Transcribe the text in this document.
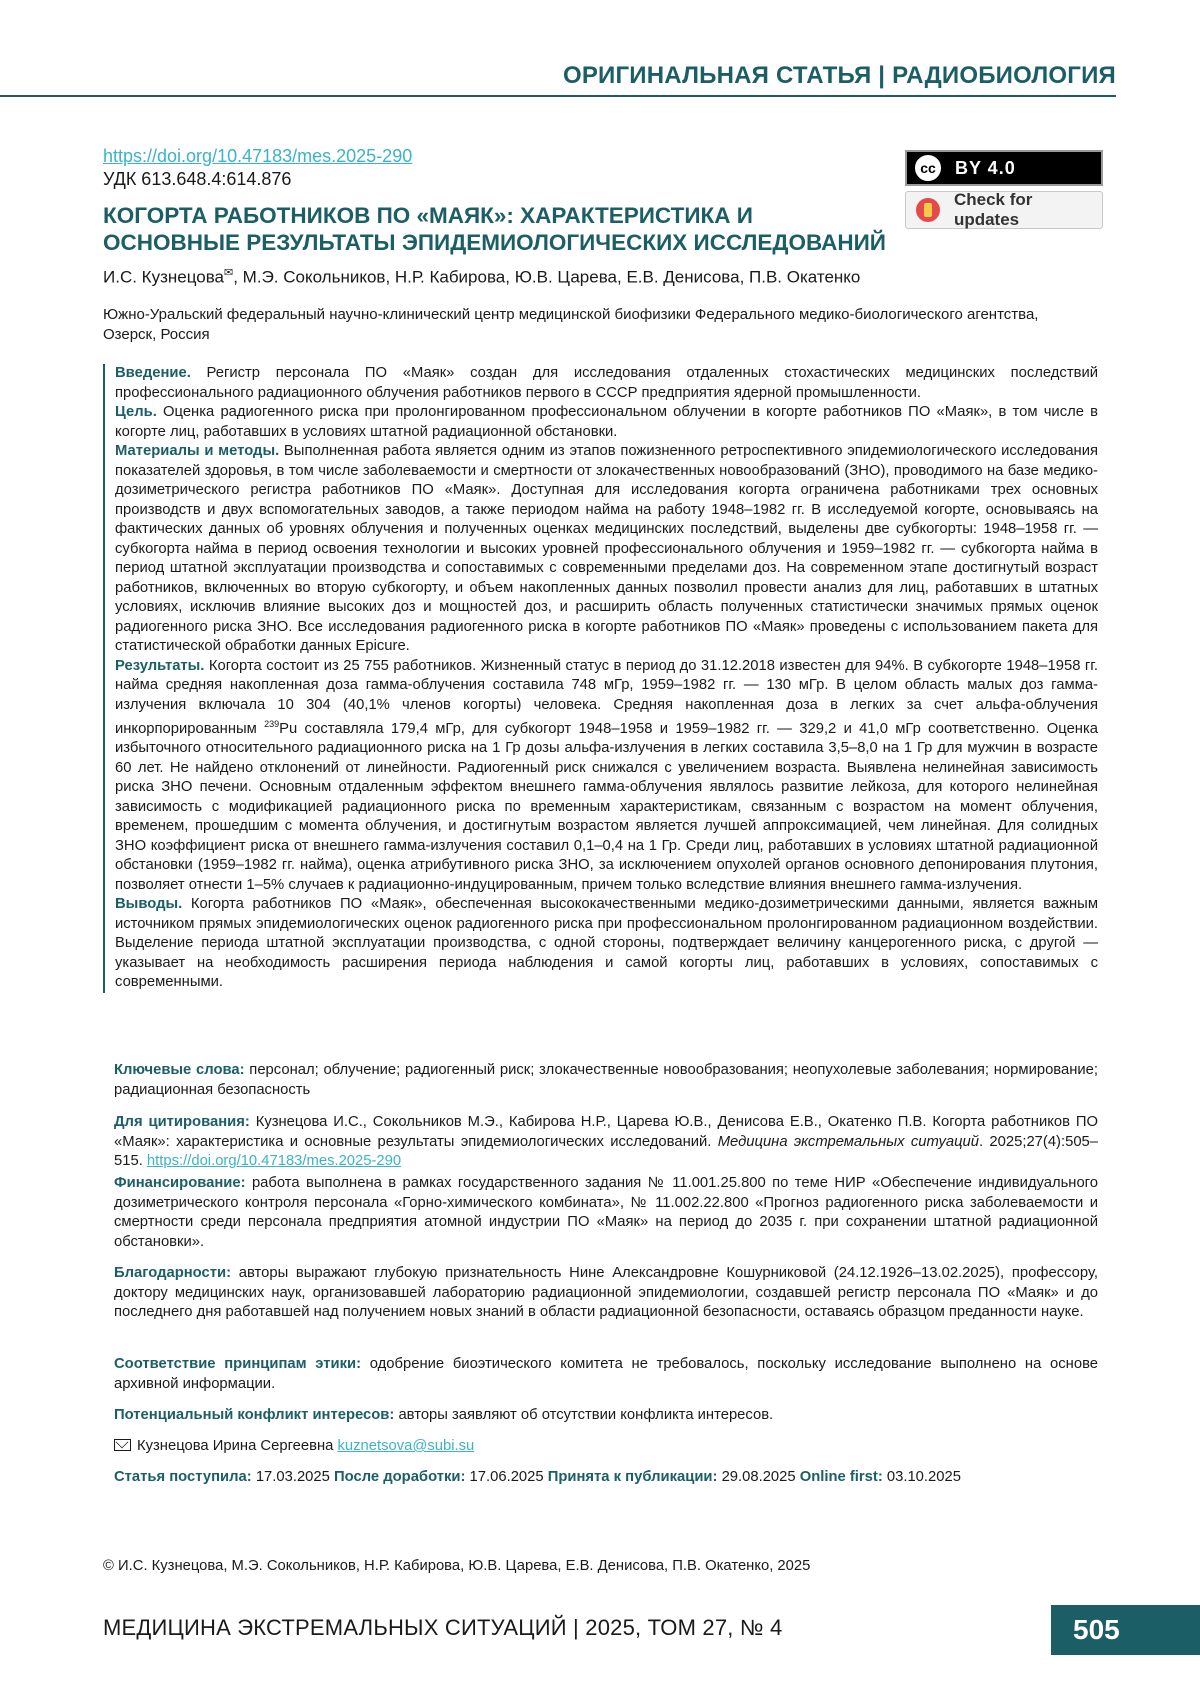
ОРИГИНАЛЬНАЯ СТАТЬЯ | РАДИОБИОЛОГИЯ
https://doi.org/10.47183/mes.2025-290
УДК 613.648.4:614.876
cc	BY 4.0
Check for updates
КОГОРТА РАБОТНИКОВ ПО «МАЯК»: ХАРАКТЕРИСТИКА И ОСНОВНЫЕ РЕЗУЛЬТАТЫ ЭПИДЕМИОЛОГИЧЕСКИХ ИССЛЕДОВАНИЙ
И.С. Кузнецова✉, М.Э. Сокольников, Н.Р. Кабирова, Ю.В. Царева, Е.В. Денисова, П.В. Окатенко
Южно-Уральский федеральный научно-клинический центр медицинской биофизики Федерального медико-биологического агентства, Озерск, Россия

Введение. Регистр персонала ПО «Маяк» создан для исследования отдаленных стохастических медицинских последствий профессионального радиационного облучения работников первого в СССР предприятия ядерной промышленности.

Цель. Оценка радиогенного риска при пролонгированном профессиональном облучении в когорте работников ПО «Маяк», в том числе в когорте лиц, работавших в условиях штатной радиационной обстановки.

Материалы и методы. Выполненная работа является одним из этапов пожизненного ретроспективного эпидемиологического исследования показателей здоровья, в том числе заболеваемости и смертности от злокачественных новообразований (ЗНО), проводимого на базе медико-дозиметрического регистра работников ПО «Маяк». Доступная для исследования когорта ограничена работниками трех основных производств и двух вспомогательных заводов, а также периодом найма на работу 1948–1982 гг. В исследуемой когорте, основываясь на фактических данных об уровнях облучения и полученных оценках медицинских последствий, выделены две субкогорты: 1948–1958 гг. — субкогорта найма в период освоения технологии и высоких уровней профессионального облучения и 1959–1982 гг. — субкогорта найма в период штатной эксплуатации производства и сопоставимых с современными пределами доз. На современном этапе достигнутый возраст работников, включенных во вторую субкогорту, и объем накопленных данных позволил провести анализ для лиц, работавших в штатных условиях, исключив влияние высоких доз и мощностей доз, и расширить область полученных статистически значимых прямых оценок радиогенного риска ЗНО. Все исследования радиогенного риска в когорте работников ПО «Маяк» проведены с использованием пакета для статистической обработки данных Epicure.

Результаты. Когорта состоит из 25 755 работников. Жизненный статус в период до 31.12.2018 известен для 94%. В субкогорте 1948–1958 гг. найма средняя накопленная доза гамма-облучения составила 748 мГр, 1959–1982 гг. — 130 мГр. В целом область малых доз гамма-излучения включала 10 304 (40,1% членов когорты) человека. Средняя накопленная доза в легких за счет альфа-облучения инкорпорированным $^{239}$Pu составляла 179,4 мГр, для субкогорт 1948–1958 и 1959–1982 гг. — 329,2 и 41,0 мГр соответственно. Оценка избыточного относительного радиационного риска на 1 Гр дозы альфа-излучения в легких составила 3,5–8,0 на 1 Гр для мужчин в возрасте 60 лет. Не найдено отклонений от линейности. Радиогенный риск снижался с увеличением возраста. Выявлена нелинейная зависимость риска ЗНО печени. Основным отдаленным эффектом внешнего гамма-облучения являлось развитие лейкоза, для которого нелинейная зависимость с модификацией радиационного риска по временным характеристикам, связанным с возрастом на момент облучения, временем, прошедшим с момента облучения, и достигнутым возрастом является лучшей аппроксимацией, чем линейная. Для солидных ЗНО коэффициент риска от внешнего гамма-излучения составил 0,1–0,4 на 1 Гр. Среди лиц, работавших в условиях штатной радиационной обстановки (1959–1982 гг. найма), оценка атрибутивного риска ЗНО, за исключением опухолей органов основного депонирования плутония, позволяет отнести 1–5% случаев к радиационно-индуцированным, причем только вследствие влияния внешнего гамма-излучения.

Выводы. Когорта работников ПО «Маяк», обеспеченная высококачественными медико-дозиметрическими данными, является важным источником прямых эпидемиологических оценок радиогенного риска при профессиональном пролонгированном радиационном воздействии. Выделение периода штатной эксплуатации производства, с одной стороны, подтверждает величину канцерогенного риска, с другой — указывает на необходимость расширения периода наблюдения и самой когорты лиц, работавших в условиях, сопоставимых с современными.

Ключевые слова: персонал; облучение; радиогенный риск; злокачественные новообразования; неопухолевые заболевания; нормирование; радиационная безопасность

Для цитирования: Кузнецова И.С., Сокольников М.Э., Кабирова Н.Р., Царева Ю.В., Денисова Е.В., Окатенко П.В. Когорта работников ПО «Маяк»: характеристика и основные результаты эпидемиологических исследований. Медицина экстремальных ситуаций. 2025;27(4):505–515. https://doi.org/10.47183/mes.2025-290

Финансирование: работа выполнена в рамках государственного задания № 11.001.25.800 по теме НИР «Обеспечение индивидуального дозиметрического контроля персонала «Горно-химического комбината», № 11.002.22.800 «Прогноз радиогенного риска заболеваемости и смертности среди персонала предприятия атомной индустрии ПО «Маяк» на период до 2035 г. при сохранении штатной радиационной обстановки».

Благодарности: авторы выражают глубокую признательность Нине Александровне Кошурниковой (24.12.1926–13.02.2025), профессору, доктору медицинских наук, организовавшей лабораторию радиационной эпидемиологии, создавшей регистр персонала ПО «Маяк» и до последнего дня работавшей над получением новых знаний в области радиационной безопасности, оставаясь образцом преданности науке.

Соответствие принципам этики: одобрение биоэтического комитета не требовалось, поскольку исследование выполнено на основе архивной информации.

Потенциальный конфликт интересов: авторы заявляют об отсутствии конфликта интересов.

Кузнецова Ирина Сергеевна kuznetsova@subi.su

Статья поступила: 17.03.2025 После доработки: 17.06.2025 Принята к публикации: 29.08.2025 Online first: 03.10.2025

© И.С. Кузнецова, М.Э. Сокольников, Н.Р. Кабирова, Ю.В. Царева, Е.В. Денисова, П.В. Окатенко, 2025
МЕДИЦИНА ЭКСТРЕМАЛЬНЫХ СИТУАЦИЙ | 2025, ТОМ 27, № 4	505
